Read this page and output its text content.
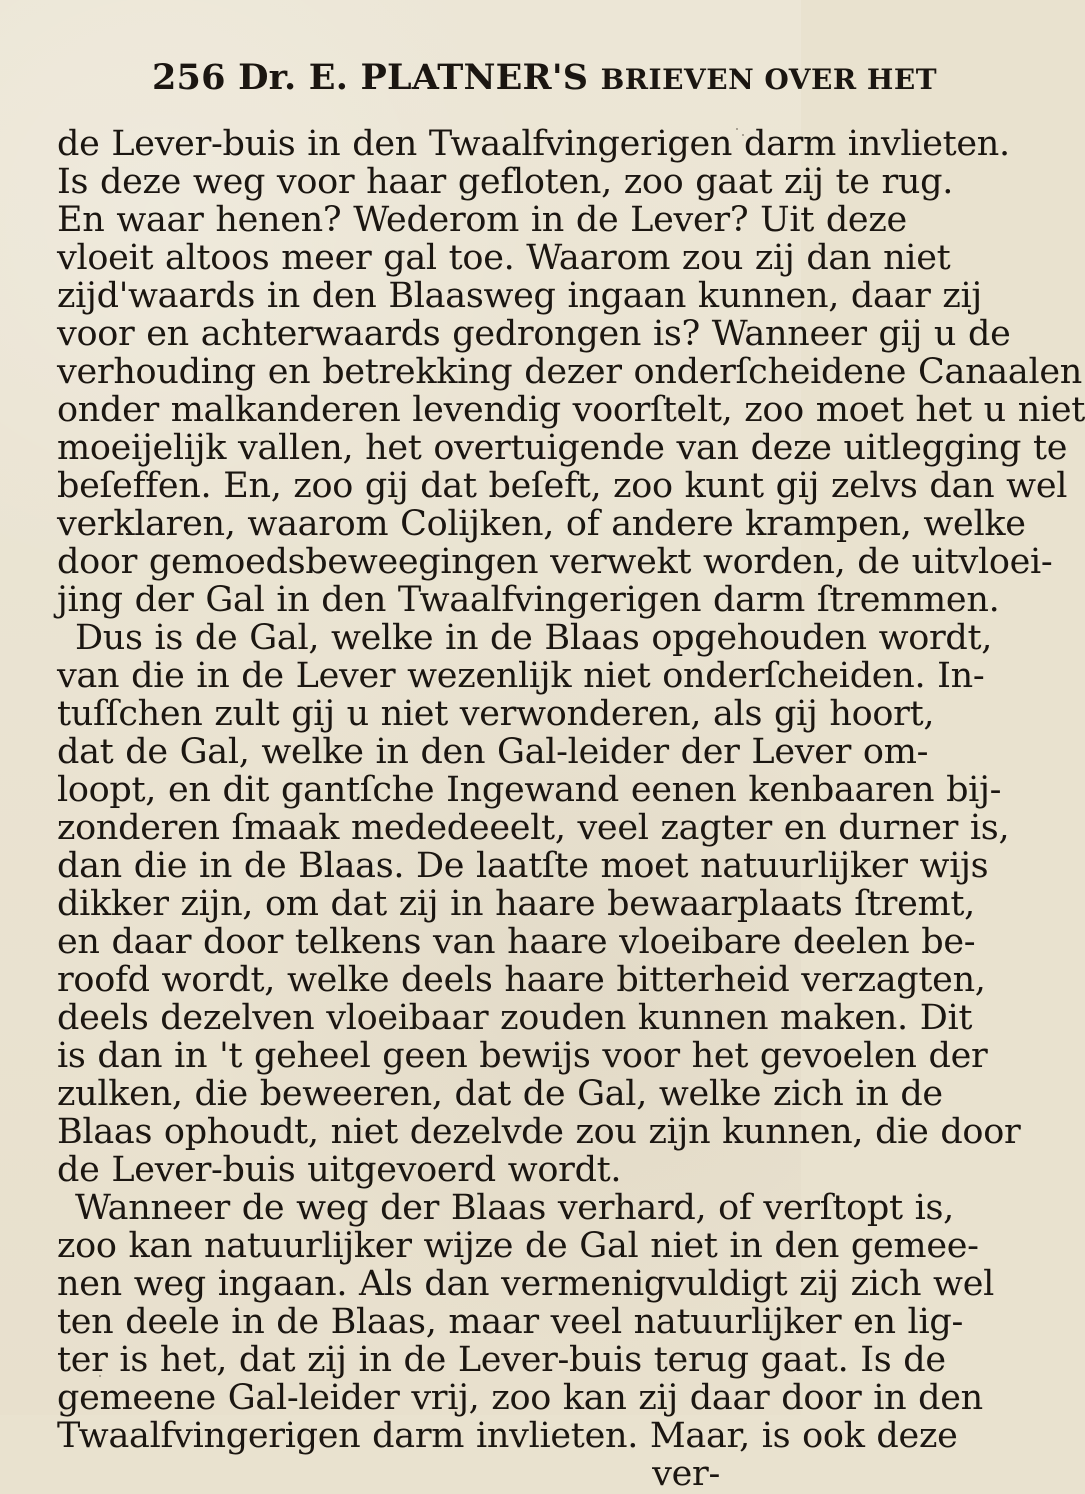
256 Dr. E. PLATNER'S BRIEVEN OVER HET
de Lever-buis in den Twaalfvingerigen darm invlieten.
Is deze weg voor haar gefloten, zoo gaat zij te rug.
En waar henen? Wederom in de Lever? Uit deze
vloeit altoos meer gal toe. Waarom zou zij dan niet
zijd'waards in den Blaasweg ingaan kunnen, daar zij
voor en achterwaards gedrongen is? Wanneer gij u de
verhouding en betrekking dezer onderſcheidene Canaalen
onder malkanderen levendig voorſtelt, zoo moet het u niet
moeijelijk vallen, het overtuigende van deze uitlegging te
beſeffen. En, zoo gij dat beſeft, zoo kunt gij zelvs dan wel
verklaren, waarom Colijken, of andere krampen, welke
door gemoedsbeweegingen verwekt worden, de uitvloei-
jing der Gal in den Twaalfvingerigen darm ſtremmen.
Dus is de Gal, welke in de Blaas opgehouden wordt,
van die in de Lever wezenlijk niet onderſcheiden. In-
tuſſchen zult gij u niet verwonderen, als gij hoort,
dat de Gal, welke in den Gal-leider der Lever om-
loopt, en dit gantſche Ingewand eenen kenbaaren bij-
zonderen ſmaak mededeeelt, veel zagter en durner is,
dan die in de Blaas. De laatſte moet natuurlijker wijs
dikker zijn, om dat zij in haare bewaarplaats ſtremt,
en daar door telkens van haare vloeibare deelen be-
roofd wordt, welke deels haare bitterheid verzagten,
deels dezelven vloeibaar zouden kunnen maken. Dit
is dan in 't geheel geen bewijs voor het gevoelen der
zulken, die beweeren, dat de Gal, welke zich in de
Blaas ophoudt, niet dezelvde zou zijn kunnen, die door
de Lever-buis uitgevoerd wordt.
Wanneer de weg der Blaas verhard, of verſtopt is,
zoo kan natuurlijker wijze de Gal niet in den gemee-
nen weg ingaan. Als dan vermenigvuldigt zij zich wel
ten deele in de Blaas, maar veel natuurlijker en lig-
ter is het, dat zij in de Lever-buis terug gaat. Is de
gemeene Gal-leider vrij, zoo kan zij daar door in den
Twaalfvingerigen darm invlieten. Maar, is ook deze
ver-
